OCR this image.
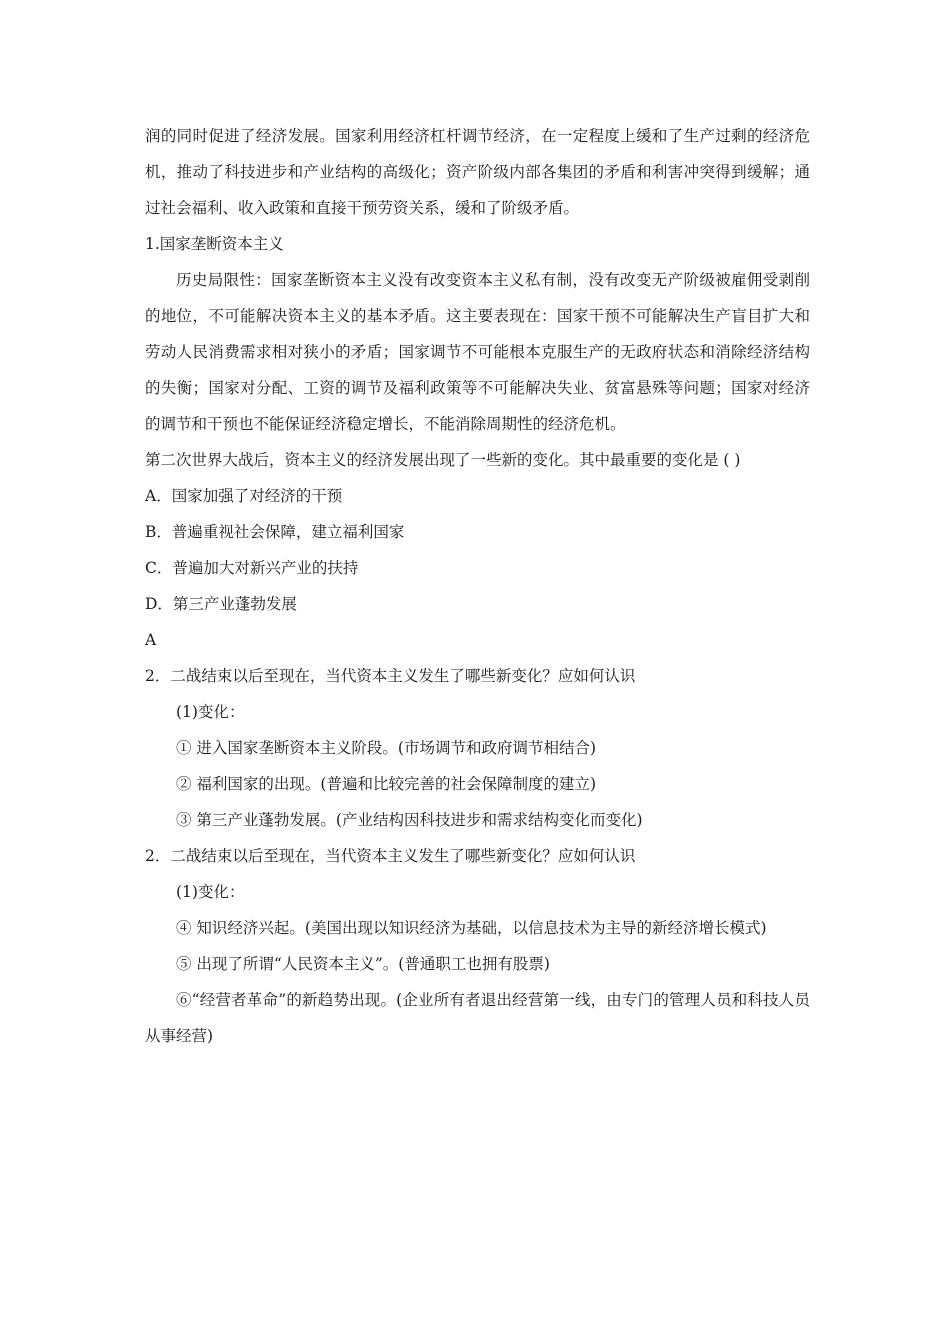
润的同时促进了经济发展。国家利用经济杠杆调节经济，在一定程度上缓和了生产过剩的经济危机，推动了科技进步和产业结构的高级化；资产阶级内部各集团的矛盾和利害冲突得到缓解；通过社会福利、收入政策和直接干预劳资关系，缓和了阶级矛盾。

1.国家垄断资本主义

历史局限性：国家垄断资本主义没有改变资本主义私有制，没有改变无产阶级被雇佣受剥削的地位，不可能解决资本主义的基本矛盾。这主要表现在：国家干预不可能解决生产盲目扩大和劳动人民消费需求相对狭小的矛盾；国家调节不可能根本克服生产的无政府状态和消除经济结构的失衡；国家对分配、工资的调节及福利政策等不可能解决失业、贫富悬殊等问题；国家对经济的调节和干预也不能保证经济稳定增长，不能消除周期性的经济危机。

第二次世界大战后，资本主义的经济发展出现了一些新的变化。其中最重要的变化是 ( )

A．国家加强了对经济的干预

B．普遍重视社会保障，建立福利国家

C．普遍加大对新兴产业的扶持

D．第三产业蓬勃发展

A

2．二战结束以后至现在，当代资本主义发生了哪些新变化？应如何认识

(1)变化：

① 进入国家垄断资本主义阶段。(市场调节和政府调节相结合)

② 福利国家的出现。(普遍和比较完善的社会保障制度的建立)

③ 第三产业蓬勃发展。(产业结构因科技进步和需求结构变化而变化)

2．二战结束以后至现在，当代资本主义发生了哪些新变化？应如何认识

(1)变化：

④ 知识经济兴起。(美国出现以知识经济为基础，以信息技术为主导的新经济增长模式)

⑤ 出现了所谓“人民资本主义”。(普通职工也拥有股票)

⑥“经营者革命”的新趋势出现。(企业所有者退出经营第一线，由专门的管理人员和科技人员从事经营)
